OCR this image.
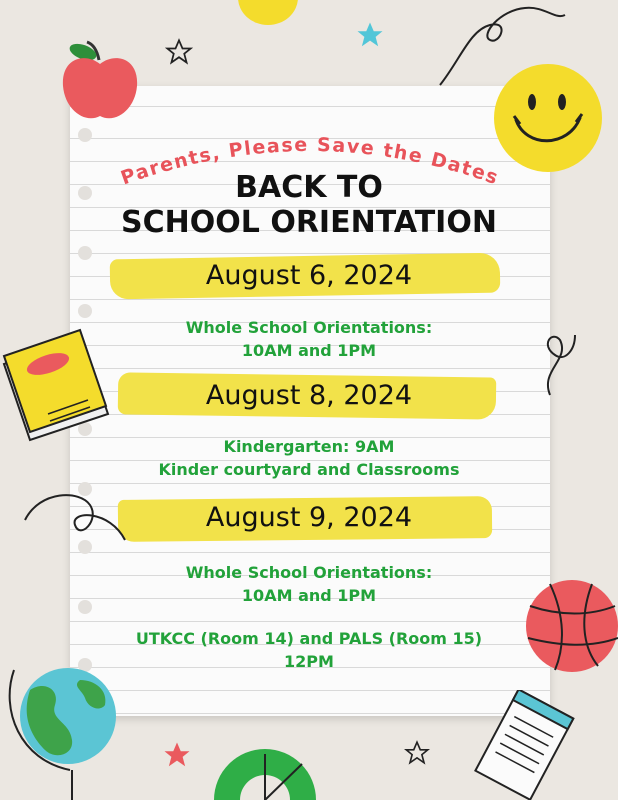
Parents, Please Save the Dates
BACK TO
SCHOOL ORIENTATION
August 6, 2024
Whole School Orientations:
10AM and 1PM
August 8, 2024
Kindergarten: 9AM
Kinder courtyard and Classrooms
August 9, 2024
Whole School Orientations:
10AM and 1PM
UTKCC (Room 14) and PALS (Room 15)
12PM
